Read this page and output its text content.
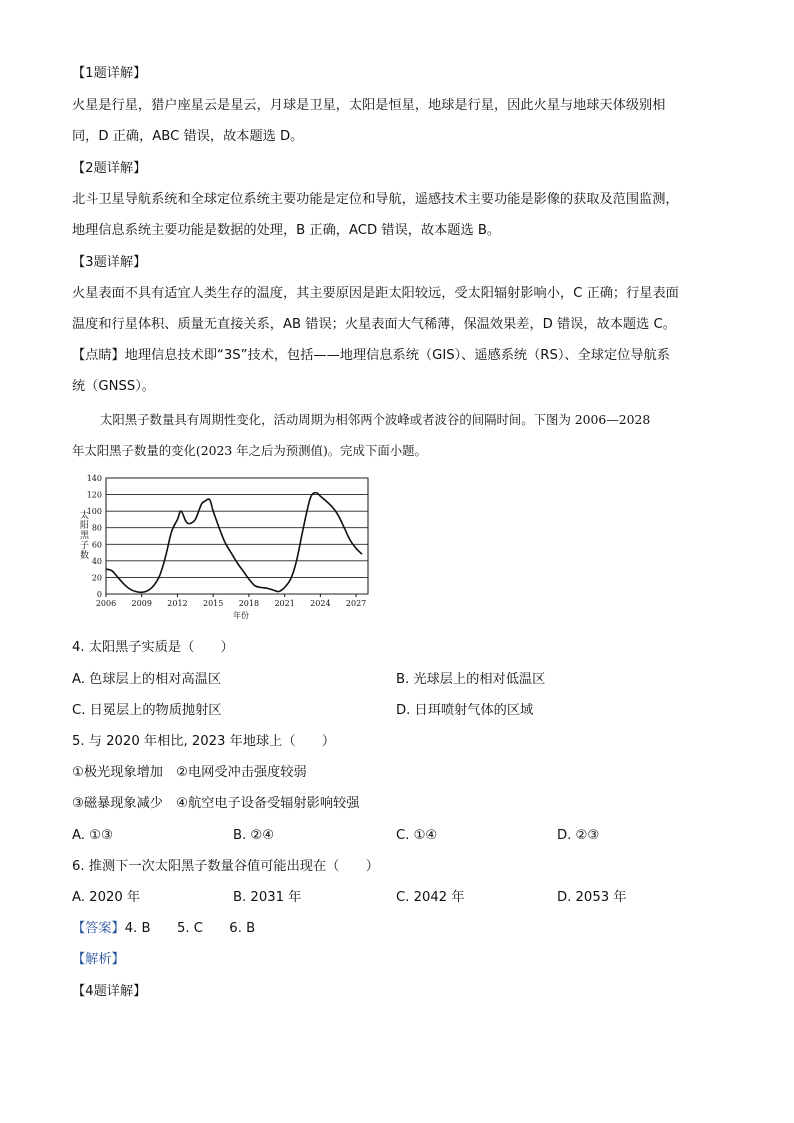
【1题详解】
火星是行星，猎户座星云是星云，月球是卫星，太阳是恒星，地球是行星，因此火星与地球天体级别相
同，D 正确，ABC 错误，故本题选 D。
【2题详解】
北斗卫星导航系统和全球定位系统主要功能是定位和导航，遥感技术主要功能是影像的获取及范围监测，
地理信息系统主要功能是数据的处理，B 正确，ACD 错误，故本题选 B。
【3题详解】
火星表面不具有适宜人类生存的温度，其主要原因是距太阳较远，受太阳辐射影响小，C 正确；行星表面
温度和行星体积、质量无直接关系，AB 错误；火星表面大气稀薄，保温效果差，D 错误，故本题选 C。
【点睛】地理信息技术即“3S”技术，包括——地理信息系统（GIS）、遥感系统（RS）、全球定位导航系
统（GNSS）。
太阳黑子数量具有周期性变化，活动周期为相邻两个波峰或者波谷的间隔时间。下图为 2006—2028
年太阳黑子数量的变化(2023 年之后为预测值)。完成下面小题。
0
20
40
60
80
100
120
140
2006 2009 2012 2015 2018 2021 2024 2027
太阳黑子数
年份
4. 太阳黑子实质是（　　）
A. 色球层上的相对高温区	B. 光球层上的相对低温区
C. 日冕层上的物质抛射区	D. 日珥喷射气体的区域
5. 与 2020 年相比, 2023 年地球上（　　）
①极光现象增加　②电网受冲击强度较弱
③磁暴现象减少　④航空电子设备受辐射影响较强
A. ①③	B. ②④	C. ①④	D. ②③
6. 推测下一次太阳黑子数量谷值可能出现在（　　）
A. 2020 年	B. 2031 年	C. 2042 年	D. 2053 年
【答案】4. B　　5. C　　6. B
【解析】
【4题详解】
